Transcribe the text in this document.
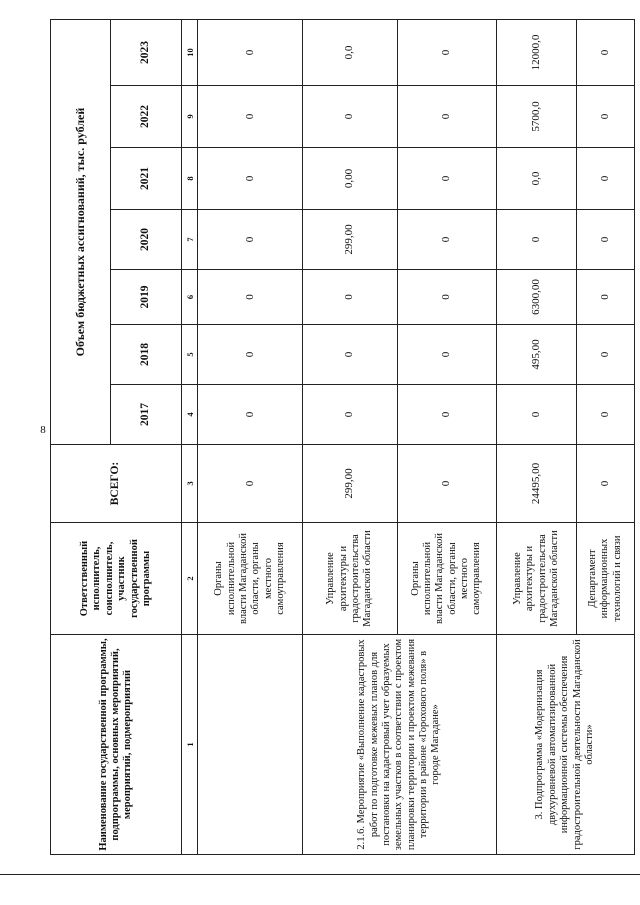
8
Наименование государственной программы, подпрограммы, основных мероприятий, мероприятий, подмероприятий	Ответственный исполнитель, соисполнитель, участник государственной программы	ВСЕГО:	Объем бюджетных ассигнований, тыс. рублей						
			2017	2018	2019	2020	2021	2022	2023
1	2	3	4	5	6	7	8	9	10
	Органы исполнительной власти Магаданской области, органы местного самоуправления	0	0	0	0	0	0	0	0
2.1.6. Мероприятие «Выполнение кадастровых работ по подготовке межевых планов для постановки на кадастровый учет образуемых земельных участков в соответствии с проектом планировки территории и проектом межевания территории в районе «Горохового поля» в городе Магадане»	Управление архитектуры и градостроительства Магаданской области	299,00	0	0	0	299,00	0,00	0	0,0
	Органы исполнительной власти Магаданской области, органы местного самоуправления	0	0	0	0	0	0	0	0
3. Подпрограмма «Модернизация двухуровневой автоматизированной информационной системы обеспечения градостроительной деятельности Магаданской области»	Управление архитектуры и градостроительства Магаданской области	24495,00	0	495,00	6300,00	0	0,0	5700,0	12000,0
	Департамент информационных технологий и связи	0	0	0	0	0	0	0	0
